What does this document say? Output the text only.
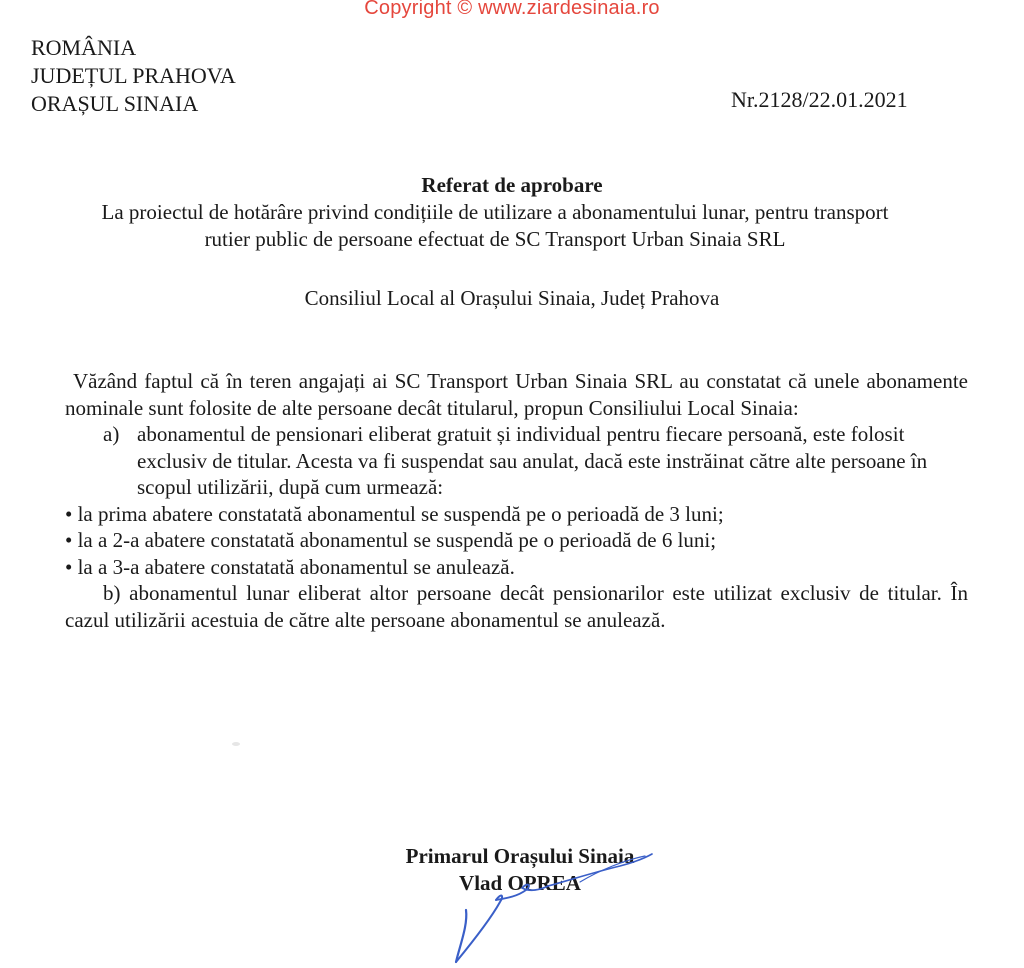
Copyright © www.ziardesinaia.ro
ROMÂNIA
JUDEȚUL PRAHOVA
ORAȘUL SINAIA	Nr.2128/22.01.2021
Referat de aprobare
La proiectul de hotărâre privind condițiile de utilizare a abonamentului lunar, pentru transport rutier public de persoane efectuat de SC Transport Urban Sinaia SRL
Consiliul Local al Orașului Sinaia, Județ Prahova

Văzând faptul că în teren angajați ai SC Transport Urban Sinaia SRL au constatat că unele abonamente nominale sunt folosite de alte persoane decât titularul, propun Consiliului Local Sinaia:

a) abonamentul de pensionari eliberat gratuit și individual pentru fiecare persoană, este folosit exclusiv de titular. Acesta va fi suspendat sau anulat, dacă este instrăinat către alte persoane în scopul utilizării, după cum urmează:

• la prima abatere constatată abonamentul se suspendă pe o perioadă de 3 luni;
• la a 2-a abatere constatată abonamentul se suspendă pe o perioadă de 6 luni;
• la a 3-a abatere constatată abonamentul se anulează.

b) abonamentul lunar eliberat altor persoane decât pensionarilor este utilizat exclusiv de titular. În cazul utilizării acestuia de către alte persoane abonamentul se anulează.

Primarul Orașului Sinaia
Vlad OPREA
